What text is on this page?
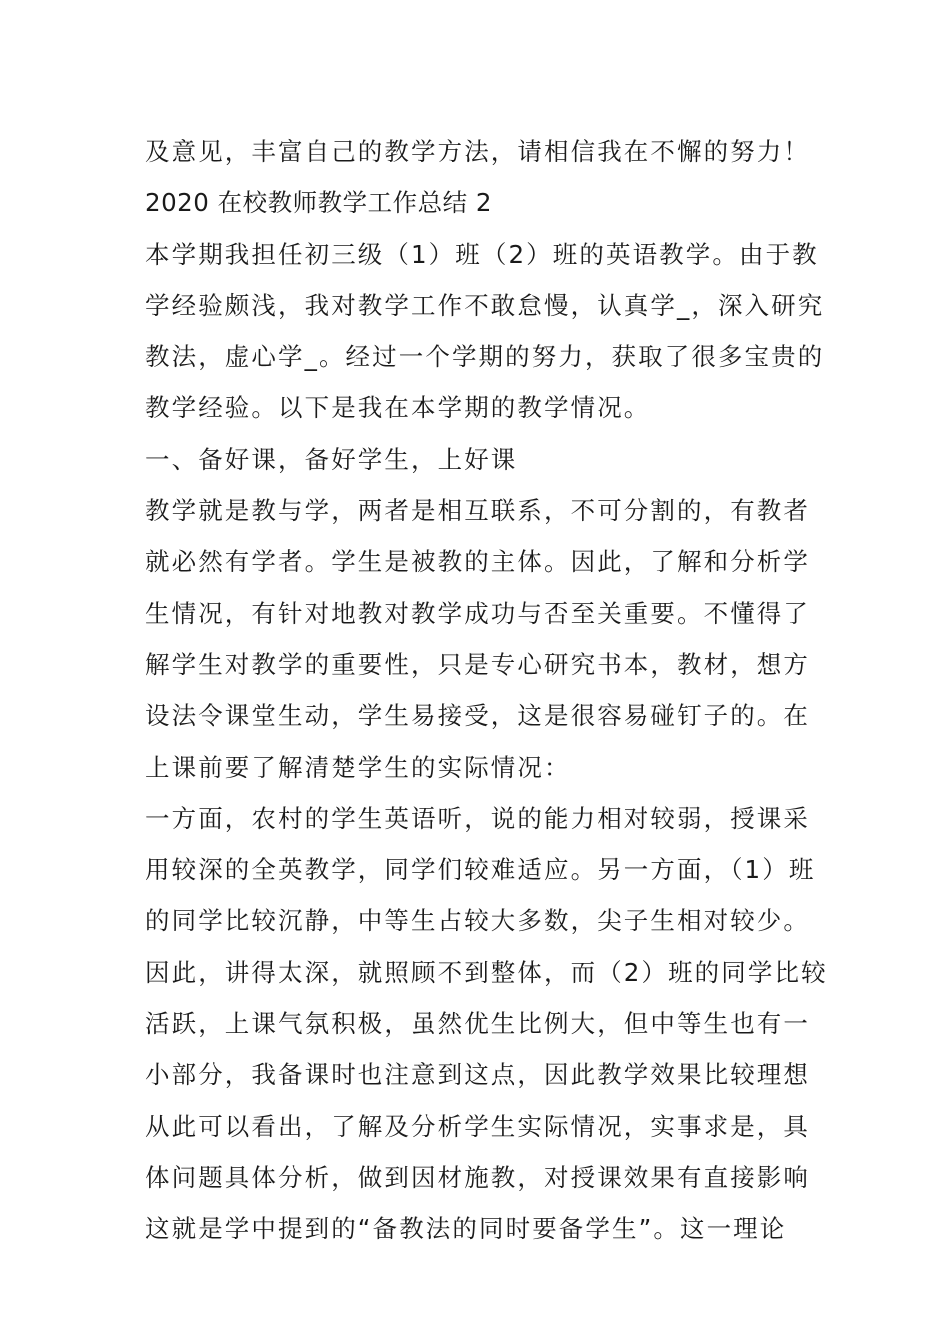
及意见，丰富自己的教学方法，请相信我在不懈的努力！
2020 在校教师教学工作总结 2
本学期我担任初三级（1）班（2）班的英语教学。由于教
学经验颇浅，我对教学工作不敢怠慢，认真学_，深入研究
教法，虚心学_。经过一个学期的努力，获取了很多宝贵的
教学经验。以下是我在本学期的教学情况。
一、备好课，备好学生，上好课
教学就是教与学，两者是相互联系，不可分割的，有教者
就必然有学者。学生是被教的主体。因此，了解和分析学
生情况，有针对地教对教学成功与否至关重要。不懂得了
解学生对教学的重要性，只是专心研究书本，教材，想方
设法令课堂生动，学生易接受，这是很容易碰钉子的。在
上课前要了解清楚学生的实际情况：
一方面，农村的学生英语听，说的能力相对较弱，授课采
用较深的全英教学，同学们较难适应。另一方面，（1）班
的同学比较沉静，中等生占较大多数，尖子生相对较少。
因此，讲得太深，就照顾不到整体，而（2）班的同学比较
活跃，上课气氛积极，虽然优生比例大，但中等生也有一
小部分，我备课时也注意到这点，因此教学效果比较理想
从此可以看出，了解及分析学生实际情况，实事求是，具
体问题具体分析，做到因材施教，对授课效果有直接影响
这就是学中提到的“备教法的同时要备学生”。这一理论
